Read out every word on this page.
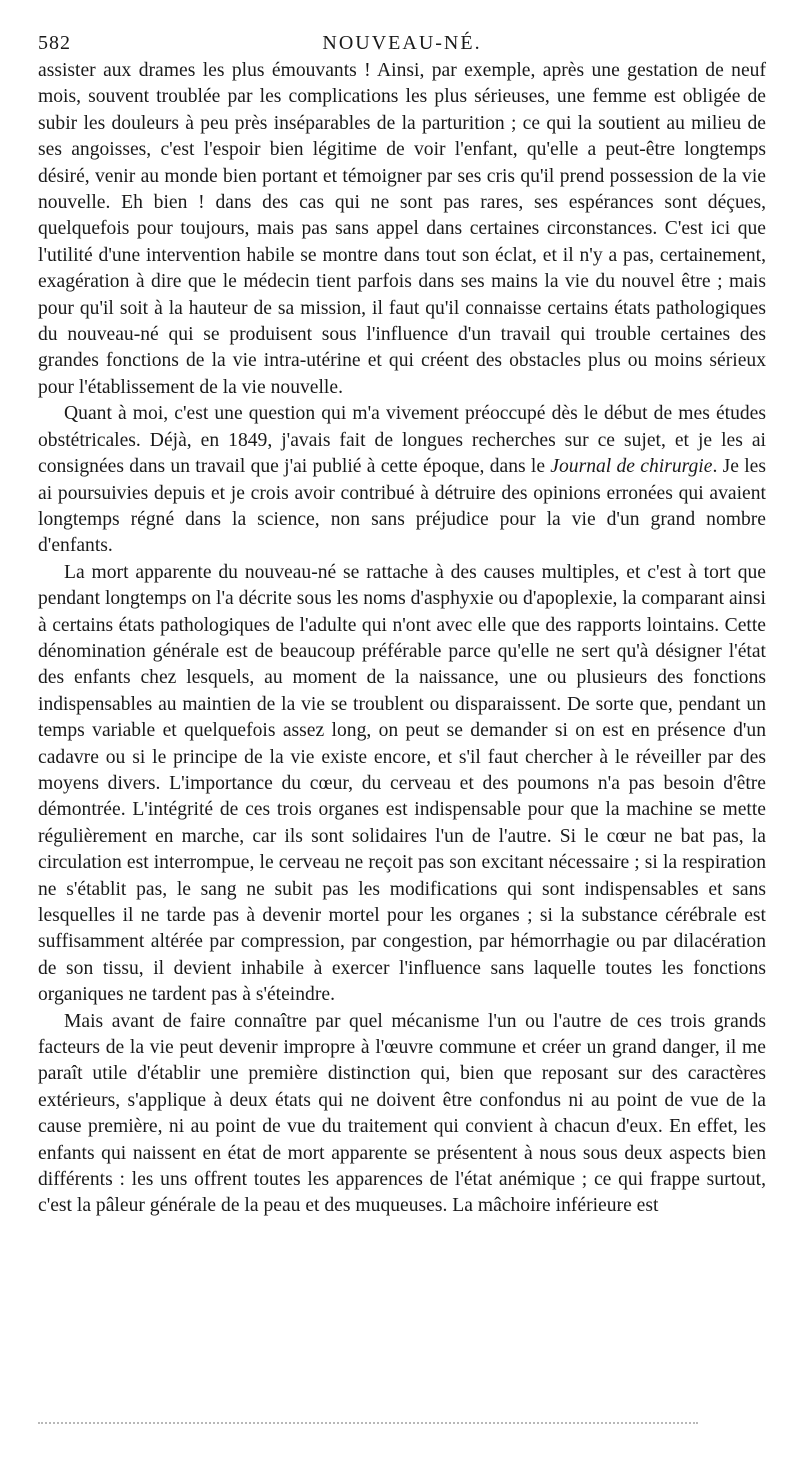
582	NOUVEAU-NÉ.

assister aux drames les plus émouvants ! Ainsi, par exemple, après une gestation de neuf mois, souvent troublée par les complications les plus sérieuses, une femme est obligée de subir les douleurs à peu près inséparables de la parturition ; ce qui la soutient au milieu de ses angoisses, c'est l'espoir bien légitime de voir l'enfant, qu'elle a peut-être longtemps désiré, venir au monde bien portant et témoigner par ses cris qu'il prend possession de la vie nouvelle. Eh bien ! dans des cas qui ne sont pas rares, ses espérances sont déçues, quelquefois pour toujours, mais pas sans appel dans certaines circonstances. C'est ici que l'utilité d'une intervention habile se montre dans tout son éclat, et il n'y a pas, certainement, exagération à dire que le médecin tient parfois dans ses mains la vie du nouvel être ; mais pour qu'il soit à la hauteur de sa mission, il faut qu'il connaisse certains états pathologiques du nouveau-né qui se produisent sous l'influence d'un travail qui trouble certaines des grandes fonctions de la vie intra-utérine et qui créent des obstacles plus ou moins sérieux pour l'établissement de la vie nouvelle.

Quant à moi, c'est une question qui m'a vivement préoccupé dès le début de mes études obstétricales. Déjà, en 1849, j'avais fait de longues recherches sur ce sujet, et je les ai consignées dans un travail que j'ai publié à cette époque, dans le Journal de chirurgie. Je les ai poursuivies depuis et je crois avoir contribué à détruire des opinions erronées qui avaient longtemps régné dans la science, non sans préjudice pour la vie d'un grand nombre d'enfants.

La mort apparente du nouveau-né se rattache à des causes multiples, et c'est à tort que pendant longtemps on l'a décrite sous les noms d'asphyxie ou d'apoplexie, la comparant ainsi à certains états pathologiques de l'adulte qui n'ont avec elle que des rapports lointains. Cette dénomination générale est de beaucoup préférable parce qu'elle ne sert qu'à désigner l'état des enfants chez lesquels, au moment de la naissance, une ou plusieurs des fonctions indispensables au maintien de la vie se troublent ou disparaissent. De sorte que, pendant un temps variable et quelquefois assez long, on peut se demander si on est en présence d'un cadavre ou si le principe de la vie existe encore, et s'il faut chercher à le réveiller par des moyens divers. L'importance du cœur, du cerveau et des poumons n'a pas besoin d'être démontrée. L'intégrité de ces trois organes est indispensable pour que la machine se mette régulièrement en marche, car ils sont solidaires l'un de l'autre. Si le cœur ne bat pas, la circulation est interrompue, le cerveau ne reçoit pas son excitant nécessaire ; si la respiration ne s'établit pas, le sang ne subit pas les modifications qui sont indispensables et sans lesquelles il ne tarde pas à devenir mortel pour les organes ; si la substance cérébrale est suffisamment altérée par compression, par congestion, par hémorrhagie ou par dilacération de son tissu, il devient inhabile à exercer l'influence sans laquelle toutes les fonctions organiques ne tardent pas à s'éteindre.

Mais avant de faire connaître par quel mécanisme l'un ou l'autre de ces trois grands facteurs de la vie peut devenir impropre à l'œuvre commune et créer un grand danger, il me paraît utile d'établir une première distinction qui, bien que reposant sur des caractères extérieurs, s'applique à deux états qui ne doivent être confondus ni au point de vue de la cause première, ni au point de vue du traitement qui convient à chacun d'eux. En effet, les enfants qui naissent en état de mort apparente se présentent à nous sous deux aspects bien différents : les uns offrent toutes les apparences de l'état anémique ; ce qui frappe surtout, c'est la pâleur générale de la peau et des muqueuses. La mâchoire inférieure est
